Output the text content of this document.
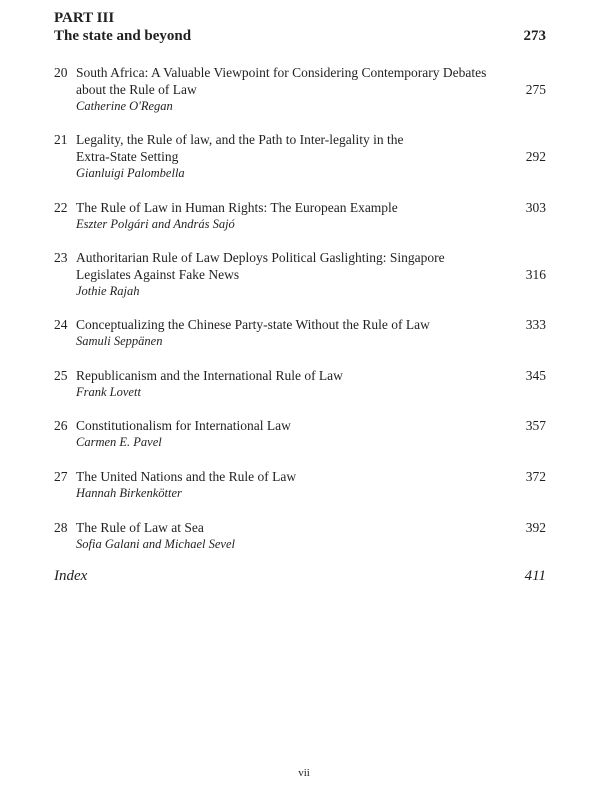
PART III
The state and beyond	273
20 South Africa: A Valuable Viewpoint for Considering Contemporary Debates
about the Rule of Law
Catherine O'Regan
275
21 Legality, the Rule of law, and the Path to Inter-legality in the
Extra-State Setting
Gianluigi Palombella
292
22 The Rule of Law in Human Rights: The European Example
Eszter Polgári and András Sajó
303
23 Authoritarian Rule of Law Deploys Political Gaslighting: Singapore
Legislates Against Fake News
Jothie Rajah
316
24 Conceptualizing the Chinese Party-state Without the Rule of Law
Samuli Seppänen
333
25 Republicanism and the International Rule of Law
Frank Lovett
345
26 Constitutionalism for International Law
Carmen E. Pavel
357
27 The United Nations and the Rule of Law
Hannah Birkenkötter
372
28 The Rule of Law at Sea
Sofia Galani and Michael Sevel
392
Index	411
vii
